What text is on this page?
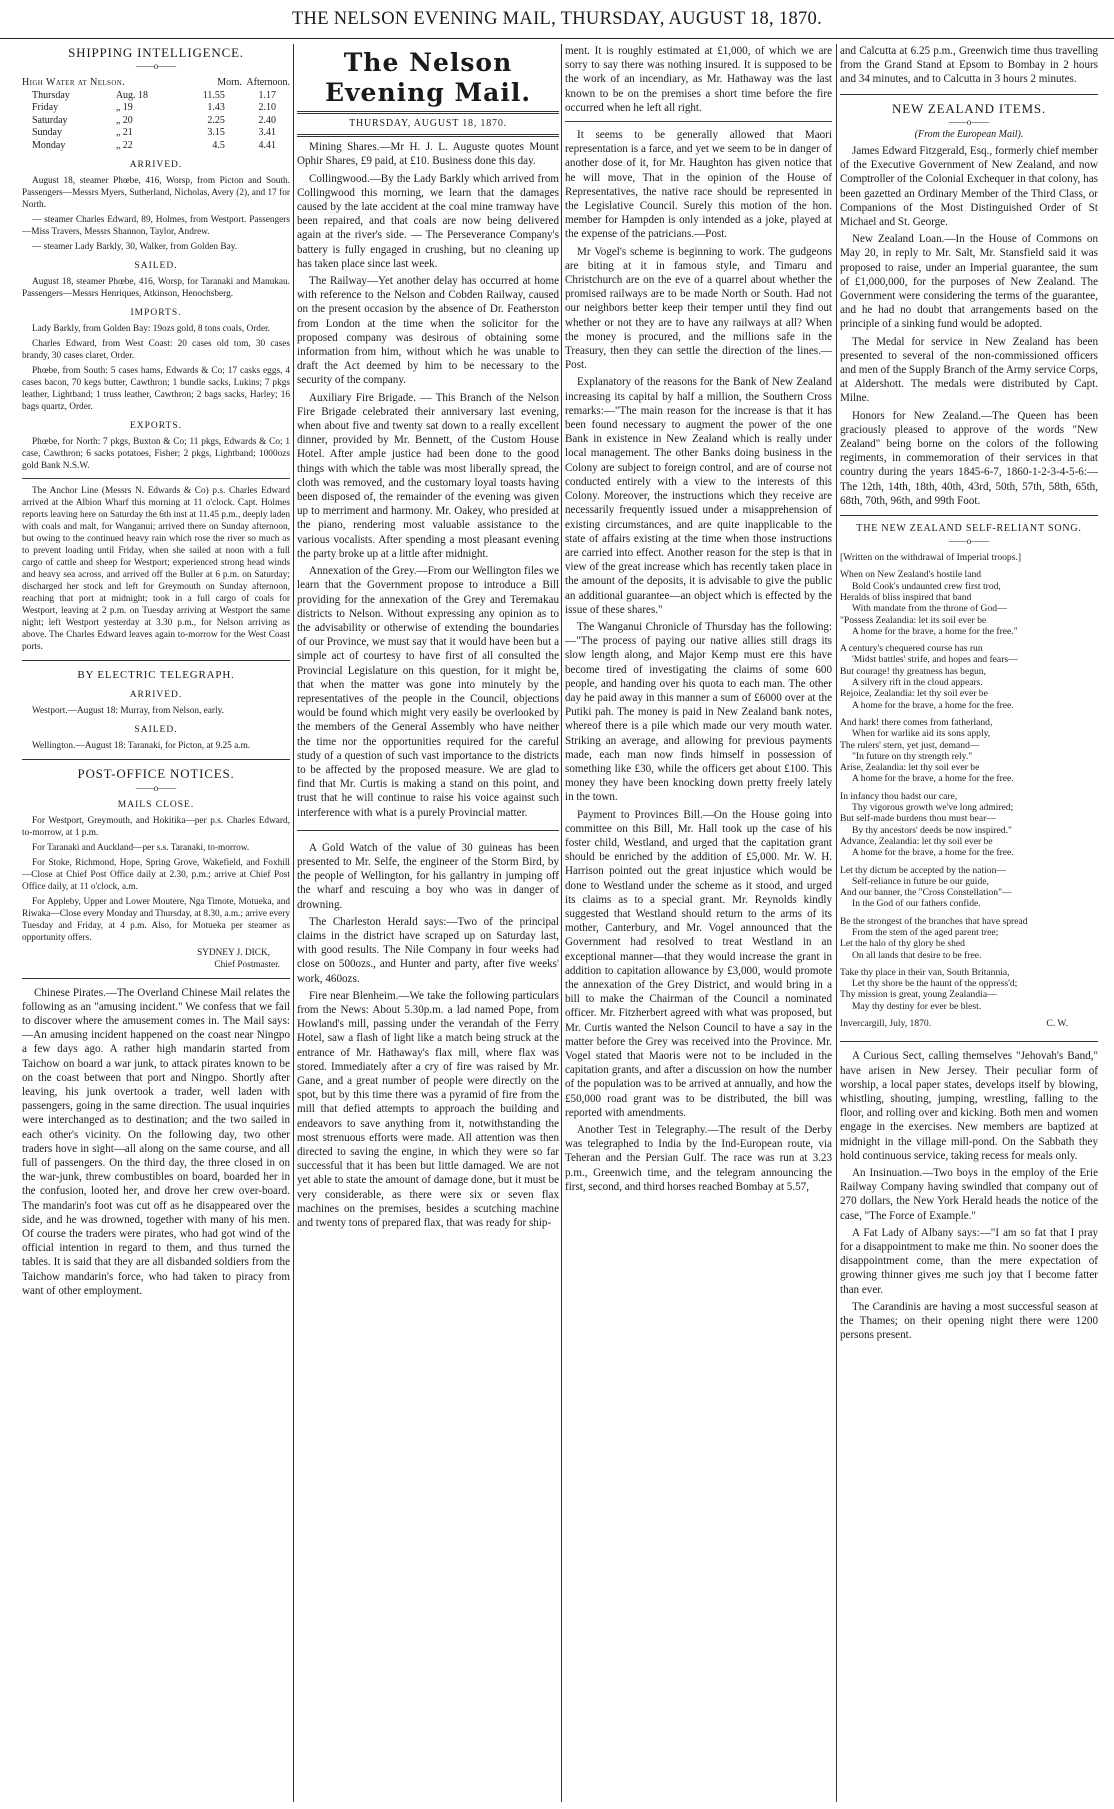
THE NELSON EVENING MAIL, THURSDAY, AUGUST 18, 1870.
SHIPPING INTELLIGENCE.
——o——
High Water at Nelson.		Morn. Afternoon.	
Thursday	Aug. 18	11.55	1.17
Friday	„ 19	1.43	2.10
Saturday	„ 20	2.25	2.40
Sunday	„ 21	3.15	3.41
Monday	„ 22	4.5	4.41
ARRIVED.

August 18, steamer Phœbe, 416, Worsp, from Picton and South. Passengers—Messrs Myers, Sutherland, Nicholas, Avery (2), and 17 for North.

— steamer Charles Edward, 89, Holmes, from Westport. Passengers—Miss Travers, Messrs Shannon, Taylor, Andrew.

— steamer Lady Barkly, 30, Walker, from Golden Bay.

SAILED.

August 18, steamer Phœbe, 416, Worsp, for Taranaki and Manukau. Passengers—Messrs Henriques, Atkinson, Henochsberg.

IMPORTS.

Lady Barkly, from Golden Bay: 19ozs gold, 8 tons coals, Order.

Charles Edward, from West Coast: 20 cases old tom, 30 cases brandy, 30 cases claret, Order.

Phœbe, from South: 5 cases hams, Edwards & Co; 17 casks eggs, 4 cases bacon, 70 kegs butter, Cawthron; 1 bundle sacks, Lukins; 7 pkgs leather, Lightband; 1 truss leather, Cawthron; 2 bags sacks, Harley; 16 bags quartz, Order.

EXPORTS.

Phœbe, for North: 7 pkgs, Buxton & Co; 11 pkgs, Edwards & Co; 1 case, Cawthron; 6 sacks potatoes, Fisher; 2 pkgs, Lightband; 1000ozs gold Bank N.S.W.

The Anchor Line (Messrs N. Edwards & Co) p.s. Charles Edward arrived at the Albion Wharf this morning at 11 o'clock. Capt. Holmes reports leaving here on Saturday the 6th inst at 11.45 p.m., deeply laden with coals and malt, for Wanganui; arrived there on Sunday afternoon, but owing to the continued heavy rain which rose the river so much as to prevent loading until Friday, when she sailed at noon with a full cargo of cattle and sheep for Westport; experienced strong head winds and heavy sea across, and arrived off the Buller at 6 p.m. on Saturday; discharged her stock and left for Greymouth on Sunday afternoon, reaching that port at midnight; took in a full cargo of coals for Westport, leaving at 2 p.m. on Tuesday arriving at Westport the same night; left Westport yesterday at 3.30 p.m., for Nelson arriving as above. The Charles Edward leaves again to-morrow for the West Coast ports.

BY ELECTRIC TELEGRAPH.
ARRIVED.

Westport.—August 18: Murray, from Nelson, early.

SAILED.

Wellington.—August 18: Taranaki, for Picton, at 9.25 a.m.

POST-OFFICE NOTICES.
——o——
MAILS CLOSE.

For Westport, Greymouth, and Hokitika—per p.s. Charles Edward, to-morrow, at 1 p.m.

For Taranaki and Auckland—per s.s. Taranaki, to-morrow.

For Stoke, Richmond, Hope, Spring Grove, Wakefield, and Foxhill—Close at Chief Post Office daily at 2.30, p.m.; arrive at Chief Post Office daily, at 11 o'clock, a.m.

For Appleby, Upper and Lower Moutere, Nga Timote, Motueka, and Riwaka—Close every Monday and Thursday, at 8.30, a.m.; arrive every Tuesday and Friday, at 4 p.m. Also, for Motueka per steamer as opportunity offers.

SYDNEY J. DICK,
Chief Postmaster.

Chinese Pirates.—The Overland Chinese Mail relates the following as an "amusing incident." We confess that we fail to discover where the amusement comes in. The Mail says:—An amusing incident happened on the coast near Ningpo a few days ago. A rather high mandarin started from Taichow on board a war junk, to attack pirates known to be on the coast between that port and Ningpo. Shortly after leaving, his junk overtook a trader, well laden with passengers, going in the same direction. The usual inquiries were interchanged as to destination; and the two sailed in each other's vicinity. On the following day, two other traders hove in sight—all along on the same course, and all full of passengers. On the third day, the three closed in on the war-junk, threw combustibles on board, boarded her in the confusion, looted her, and drove her crew over-board. The mandarin's foot was cut off as he disappeared over the side, and he was drowned, together with many of his men. Of course the traders were pirates, who had got wind of the official intention in regard to them, and thus turned the tables. It is said that they are all disbanded soldiers from the Taichow mandarin's force, who had taken to piracy from want of other employment.

The Nelson Evening Mail.
THURSDAY, AUGUST 18, 1870.

Mining Shares.—Mr H. J. L. Auguste quotes Mount Ophir Shares, £9 paid, at £10. Business done this day.

Collingwood.—By the Lady Barkly which arrived from Collingwood this morning, we learn that the damages caused by the late accident at the coal mine tramway have been repaired, and that coals are now being delivered again at the river's side. — The Perseverance Company's battery is fully engaged in crushing, but no cleaning up has taken place since last week.

The Railway—Yet another delay has occurred at home with reference to the Nelson and Cobden Railway, caused on the present occasion by the absence of Dr. Featherston from London at the time when the solicitor for the proposed company was desirous of obtaining some information from him, without which he was unable to draft the Act deemed by him to be necessary to the security of the company.

Auxiliary Fire Brigade. — This Branch of the Nelson Fire Brigade celebrated their anniversary last evening, when about five and twenty sat down to a really excellent dinner, provided by Mr. Bennett, of the Custom House Hotel. After ample justice had been done to the good things with which the table was most liberally spread, the cloth was removed, and the customary loyal toasts having been disposed of, the remainder of the evening was given up to merriment and harmony. Mr. Oakey, who presided at the piano, rendering most valuable assistance to the various vocalists. After spending a most pleasant evening the party broke up at a little after midnight.

Annexation of the Grey.—From our Wellington files we learn that the Government propose to introduce a Bill providing for the annexation of the Grey and Teremakau districts to Nelson. Without expressing any opinion as to the advisability or otherwise of extending the boundaries of our Province, we must say that it would have been but a simple act of courtesy to have first of all consulted the Provincial Legislature on this question, for it might be, that when the matter was gone into minutely by the representatives of the people in the Council, objections would be found which might very easily be overlooked by the members of the General Assembly who have neither the time nor the opportunities required for the careful study of a question of such vast importance to the districts to be affected by the proposed measure. We are glad to find that Mr. Curtis is making a stand on this point, and trust that he will continue to raise his voice against such interference with what is a purely Provincial matter.

A Gold Watch of the value of 30 guineas has been presented to Mr. Selfe, the engineer of the Storm Bird, by the people of Wellington, for his gallantry in jumping off the wharf and rescuing a boy who was in danger of drowning.

The Charleston Herald says:—Two of the principal claims in the district have scraped up on Saturday last, with good results. The Nile Company in four weeks had close on 500ozs., and Hunter and party, after five weeks' work, 460ozs.

Fire near Blenheim.—We take the following particulars from the News: About 5.30p.m. a lad named Pope, from Howland's mill, passing under the verandah of the Ferry Hotel, saw a flash of light like a match being struck at the entrance of Mr. Hathaway's flax mill, where flax was stored. Immediately after a cry of fire was raised by Mr. Gane, and a great number of people were directly on the spot, but by this time there was a pyramid of fire from the mill that defied attempts to approach the building and endeavors to save anything from it, notwithstanding the most strenuous efforts were made. All attention was then directed to saving the engine, in which they were so far successful that it has been but little damaged. We are not yet able to state the amount of damage done, but it must be very considerable, as there were six or seven flax machines on the premises, besides a scutching machine and twenty tons of prepared flax, that was ready for ship-

ment. It is roughly estimated at £1,000, of which we are sorry to say there was nothing insured. It is supposed to be the work of an incendiary, as Mr. Hathaway was the last known to be on the premises a short time before the fire occurred when he left all right.

It seems to be generally allowed that Maori representation is a farce, and yet we seem to be in danger of another dose of it, for Mr. Haughton has given notice that he will move, That in the opinion of the House of Representatives, the native race should be represented in the Legislative Council. Surely this motion of the hon. member for Hampden is only intended as a joke, played at the expense of the patricians.—Post.

Mr Vogel's scheme is beginning to work. The gudgeons are biting at it in famous style, and Timaru and Christchurch are on the eve of a quarrel about whether the promised railways are to be made North or South. Had not our neighbors better keep their temper until they find out whether or not they are to have any railways at all? When the money is procured, and the millions safe in the Treasury, then they can settle the direction of the lines.—Post.

Explanatory of the reasons for the Bank of New Zealand increasing its capital by half a million, the Southern Cross remarks:—"The main reason for the increase is that it has been found necessary to augment the power of the one Bank in existence in New Zealand which is really under local management. The other Banks doing business in the Colony are subject to foreign control, and are of course not conducted entirely with a view to the interests of this Colony. Moreover, the instructions which they receive are necessarily frequently issued under a misapprehension of existing circumstances, and are quite inapplicable to the state of affairs existing at the time when those instructions are carried into effect. Another reason for the step is that in view of the great increase which has recently taken place in the amount of the deposits, it is advisable to give the public an additional guarantee—an object which is effected by the issue of these shares."

The Wanganui Chronicle of Thursday has the following:—"The process of paying our native allies still drags its slow length along, and Major Kemp must ere this have become tired of investigating the claims of some 600 people, and handing over his quota to each man. The other day he paid away in this manner a sum of £6000 over at the Putiki pah. The money is paid in New Zealand bank notes, whereof there is a pile which made our very mouth water. Striking an average, and allowing for previous payments made, each man now finds himself in possession of something like £30, while the officers get about £100. This money they have been knocking down pretty freely lately in the town.

Payment to Provinces Bill.—On the House going into committee on this Bill, Mr. Hall took up the case of his foster child, Westland, and urged that the capitation grant should be enriched by the addition of £5,000. Mr. W. H. Harrison pointed out the great injustice which would be done to Westland under the scheme as it stood, and urged its claims as to a special grant. Mr. Reynolds kindly suggested that Westland should return to the arms of its mother, Canterbury, and Mr. Vogel announced that the Government had resolved to treat Westland in an exceptional manner—that they would increase the grant in addition to capitation allowance by £3,000, would promote the annexation of the Grey District, and would bring in a bill to make the Chairman of the Council a nominated officer. Mr. Fitzherbert agreed with what was proposed, but Mr. Curtis wanted the Nelson Council to have a say in the matter before the Grey was received into the Province. Mr. Vogel stated that Maoris were not to be included in the capitation grants, and after a discussion on how the number of the population was to be arrived at annually, and how the £50,000 road grant was to be distributed, the bill was reported with amendments.

Another Test in Telegraphy.—The result of the Derby was telegraphed to India by the Ind-European route, via Teheran and the Persian Gulf. The race was run at 3.23 p.m., Greenwich time, and the telegram announcing the first, second, and third horses reached Bombay at 5.57,

and Calcutta at 6.25 p.m., Greenwich time thus travelling from the Grand Stand at Epsom to Bombay in 2 hours and 34 minutes, and to Calcutta in 3 hours 2 minutes.

NEW ZEALAND ITEMS.
——o——
(From the European Mail).

James Edward Fitzgerald, Esq., formerly chief member of the Executive Government of New Zealand, and now Comptroller of the Colonial Exchequer in that colony, has been gazetted an Ordinary Member of the Third Class, or Companions of the Most Distinguished Order of St Michael and St. George.

New Zealand Loan.—In the House of Commons on May 20, in reply to Mr. Salt, Mr. Stansfield said it was proposed to raise, under an Imperial guarantee, the sum of £1,000,000, for the purposes of New Zealand. The Government were considering the terms of the guarantee, and he had no doubt that arrangements based on the principle of a sinking fund would be adopted.

The Medal for service in New Zealand has been presented to several of the non-commissioned officers and men of the Supply Branch of the Army service Corps, at Aldershott. The medals were distributed by Capt. Milne.

Honors for New Zealand.—The Queen has been graciously pleased to approve of the words "New Zealand" being borne on the colors of the following regiments, in commemoration of their services in that country during the years 1845-6-7, 1860-1-2-3-4-5-6:—The 12th, 14th, 18th, 40th, 43rd, 50th, 57th, 58th, 65th, 68th, 70th, 96th, and 99th Foot.

THE NEW ZEALAND SELF-RELIANT SONG.
——o——
[Written on the withdrawal of Imperial troops.]
When on New Zealand's hostile land
Bold Cook's undaunted crew first trod,
Heralds of bliss inspired that band
With mandate from the throne of God—
"Possess Zealandia: let its soil ever be
A home for the brave, a home for the free."
A century's chequered course has run
'Midst battles' strife, and hopes and fears—
But courage! thy greatness has begun,
A silvery rift in the cloud appears.
Rejoice, Zealandia: let thy soil ever be
A home for the brave, a home for the free.
And hark! there comes from fatherland,
When for warlike aid its sons apply,
The rulers' stern, yet just, demand—
"In future on thy strength rely."
Arise, Zealandia: let thy soil ever be
A home for the brave, a home for the free.
In infancy thou hadst our care,
Thy vigorous growth we've long admired;
But self-made burdens thou must bear—
By thy ancestors' deeds be now inspired."
Advance, Zealandia: let thy soil ever be
A home for the brave, a home for the free.
Let thy dictum be accepted by the nation—
Self-reliance in future be our guide,
And our banner, the "Cross Constellation"—
In the God of our fathers confide.
Be the strongest of the branches that have spread
From the stem of the aged parent tree;
Let the halo of thy glory be shed
On all lands that desire to be free.
Take thy place in their van, South Britannia,
Let thy shore be the haunt of the oppress'd;
Thy mission is great, young Zealandia—
May thy destiny for ever be blest.
Invercargill, July, 1870.	C. W.

A Curious Sect, calling themselves "Jehovah's Band," have arisen in New Jersey. Their peculiar form of worship, a local paper states, develops itself by blowing, whistling, shouting, jumping, wrestling, falling to the floor, and rolling over and kicking. Both men and women engage in the exercises. New members are baptized at midnight in the village mill-pond. On the Sabbath they hold continuous service, taking recess for meals only.

An Insinuation.—Two boys in the employ of the Erie Railway Company having swindled that company out of 270 dollars, the New York Herald heads the notice of the case, "The Force of Example."

A Fat Lady of Albany says:—"I am so fat that I pray for a disappointment to make me thin. No sooner does the disappointment come, than the mere expectation of growing thinner gives me such joy that I become fatter than ever.

The Carandinis are having a most successful season at the Thames; on their opening night there were 1200 persons present.
